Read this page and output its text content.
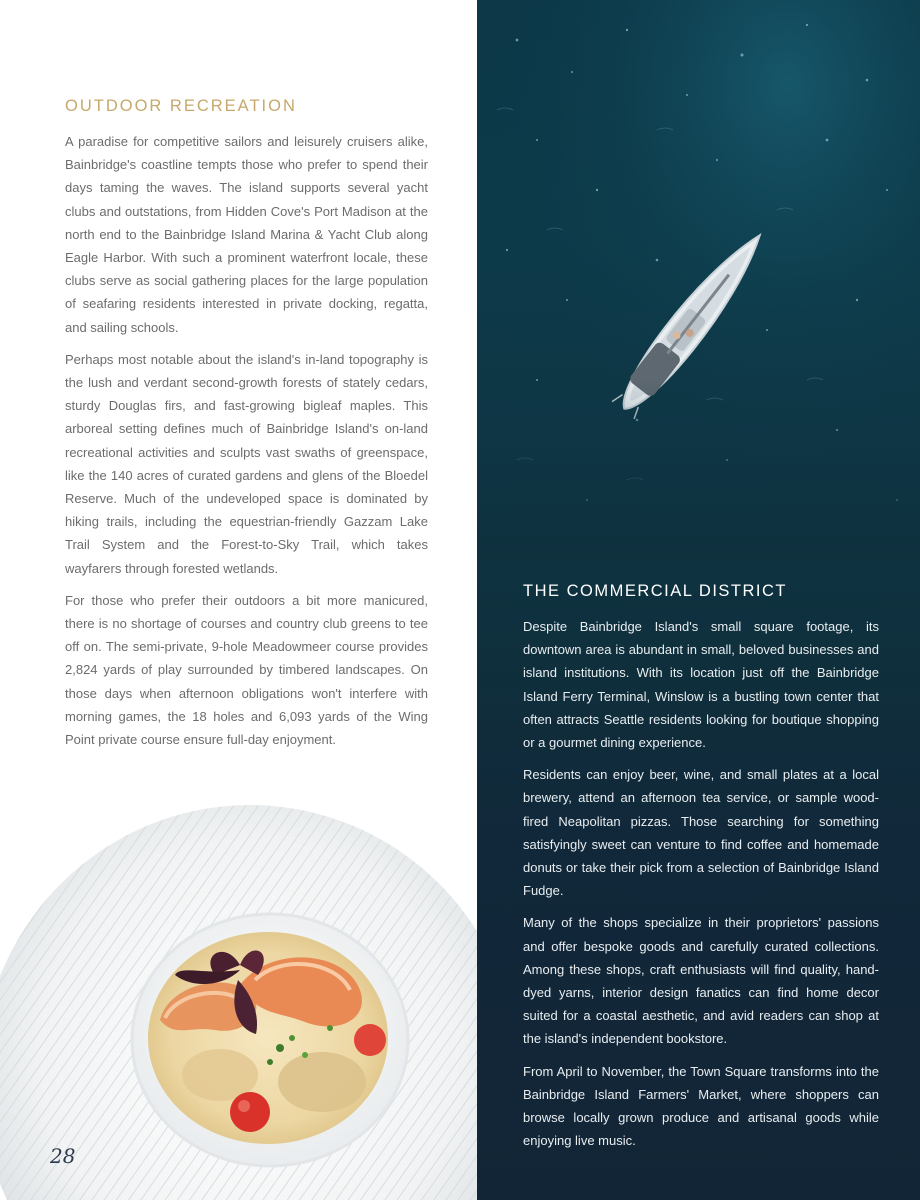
OUTDOOR RECREATION

A paradise for competitive sailors and leisurely cruisers alike, Bainbridge's coastline tempts those who prefer to spend their days taming the waves. The island supports several yacht clubs and outstations, from Hidden Cove's Port Madison at the north end to the Bainbridge Island Marina & Yacht Club along Eagle Harbor. With such a prominent waterfront locale, these clubs serve as social gathering places for the large population of seafaring residents interested in private docking, regatta, and sailing schools.

Perhaps most notable about the island's in-land topography is the lush and verdant second-growth forests of stately cedars, sturdy Douglas firs, and fast-growing bigleaf maples. This arboreal setting defines much of Bainbridge Island's on-land recreational activities and sculpts vast swaths of greenspace, like the 140 acres of curated gardens and glens of the Bloedel Reserve. Much of the undeveloped space is dominated by hiking trails, including the equestrian-friendly Gazzam Lake Trail System and the Forest-to-Sky Trail, which takes wayfarers through forested wetlands.

For those who prefer their outdoors a bit more manicured, there is no shortage of courses and country club greens to tee off on. The semi-private, 9-hole Meadowmeer course provides 2,824 yards of play surrounded by timbered landscapes. On those days when afternoon obligations won't interfere with morning games, the 18 holes and 6,093 yards of the Wing Point private course ensure full-day enjoyment.

28
THE COMMERCIAL DISTRICT

Despite Bainbridge Island's small square footage, its downtown area is abundant in small, beloved businesses and island institutions. With its location just off the Bainbridge Island Ferry Terminal, Winslow is a bustling town center that often attracts Seattle residents looking for boutique shopping or a gourmet dining experience.

Residents can enjoy beer, wine, and small plates at a local brewery, attend an afternoon tea service, or sample wood-fired Neapolitan pizzas. Those searching for something satisfyingly sweet can venture to find coffee and homemade donuts or take their pick from a selection of Bainbridge Island Fudge.

Many of the shops specialize in their proprietors' passions and offer bespoke goods and carefully curated collections. Among these shops, craft enthusiasts will find quality, hand-dyed yarns, interior design fanatics can find home decor suited for a coastal aesthetic, and avid readers can shop at the island's independent bookstore.

From April to November, the Town Square transforms into the Bainbridge Island Farmers' Market, where shoppers can browse locally grown produce and artisanal goods while enjoying live music.
